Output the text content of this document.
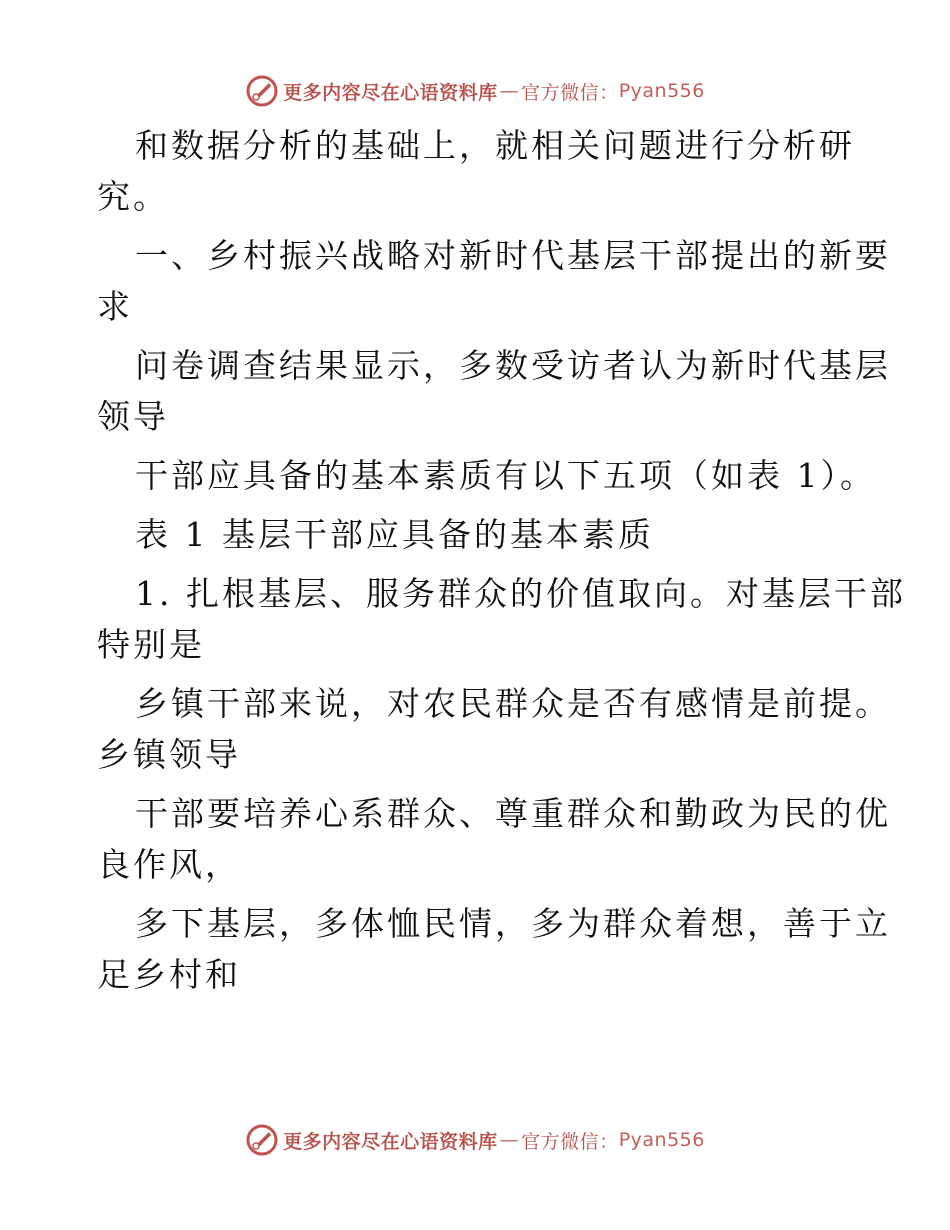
更多内容尽在心语资料库 — 官方微信： Pyan556
和数据分析的基础上，就相关问题进行分析研
究。
一、乡村振兴战略对新时代基层干部提出的新要
求
问卷调查结果显示，多数受访者认为新时代基层
领导
干部应具备的基本素质有以下五项（如表 1）。
表 1 基层干部应具备的基本素质
1. 扎根基层、服务群众的价值取向。对基层干部
特别是
乡镇干部来说，对农民群众是否有感情是前提。
乡镇领导
干部要培养心系群众、尊重群众和勤政为民的优
良作风，
多下基层，多体恤民情，多为群众着想，善于立
足乡村和
更多内容尽在心语资料库 — 官方微信： Pyan556
